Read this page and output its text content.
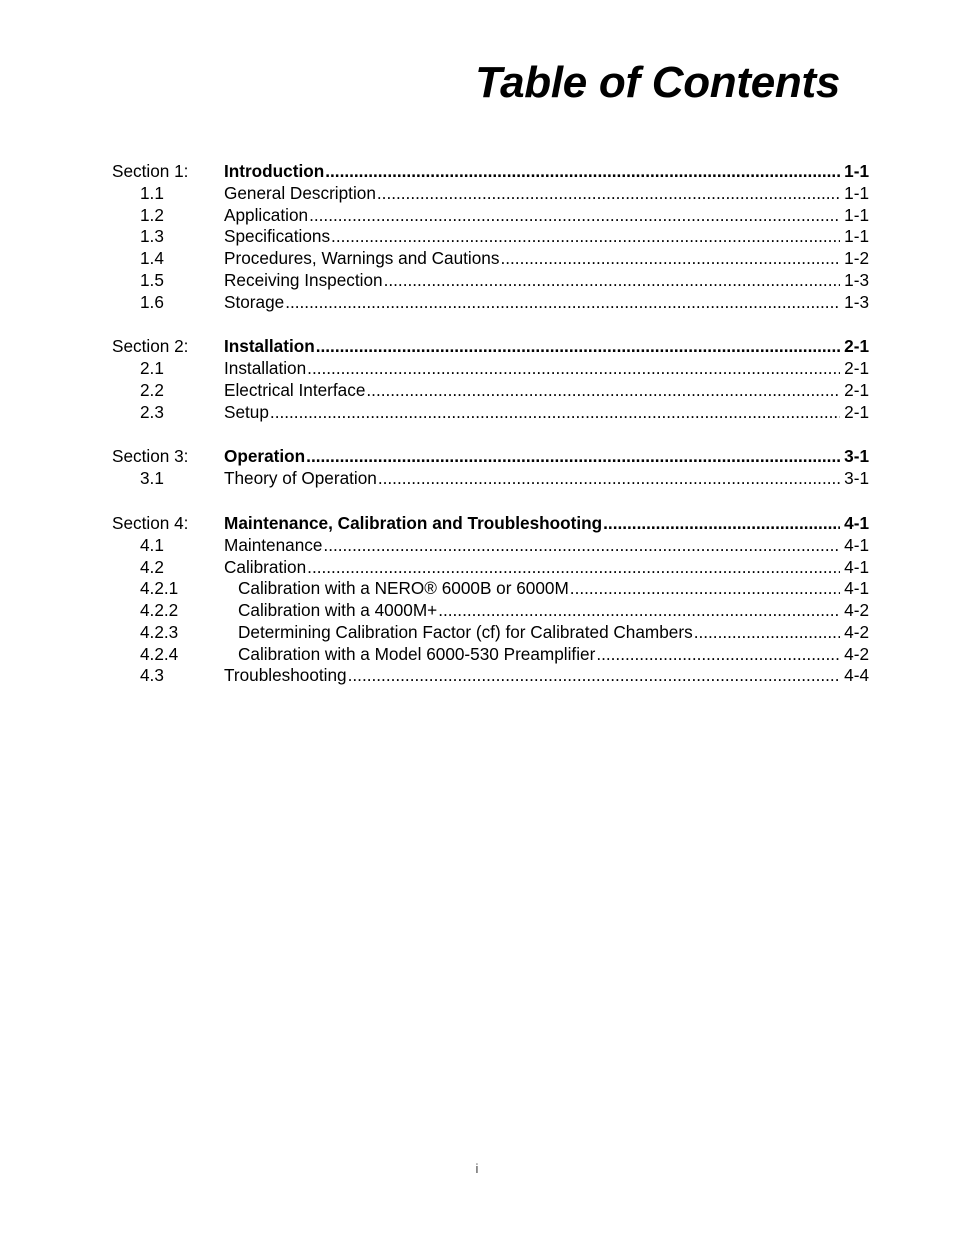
Table of Contents
Section 1:	Introduction .....	1-1
1.1	General Description .....	1-1
1.2	Application .....	1-1
1.3	Specifications .....	1-1
1.4	Procedures, Warnings and Cautions .....	1-2
1.5	Receiving Inspection .....	1-3
1.6	Storage .....	1-3
Section 2:	Installation .....	2-1
2.1	Installation .....	2-1
2.2	Electrical Interface .....	2-1
2.3	Setup .....	2-1
Section 3:	Operation .....	3-1
3.1	Theory of Operation .....	3-1
Section 4:	Maintenance, Calibration and Troubleshooting .....	4-1
4.1	Maintenance .....	4-1
4.2	Calibration .....	4-1
4.2.1	Calibration with a NERO® 6000B or 6000M .....	4-1
4.2.2	Calibration with a 4000M+ .....	4-2
4.2.3	Determining Calibration Factor (cf) for Calibrated Chambers .....	4-2
4.2.4	Calibration with a Model 6000-530 Preamplifier .....	4-2
4.3	Troubleshooting .....	4-4
i
